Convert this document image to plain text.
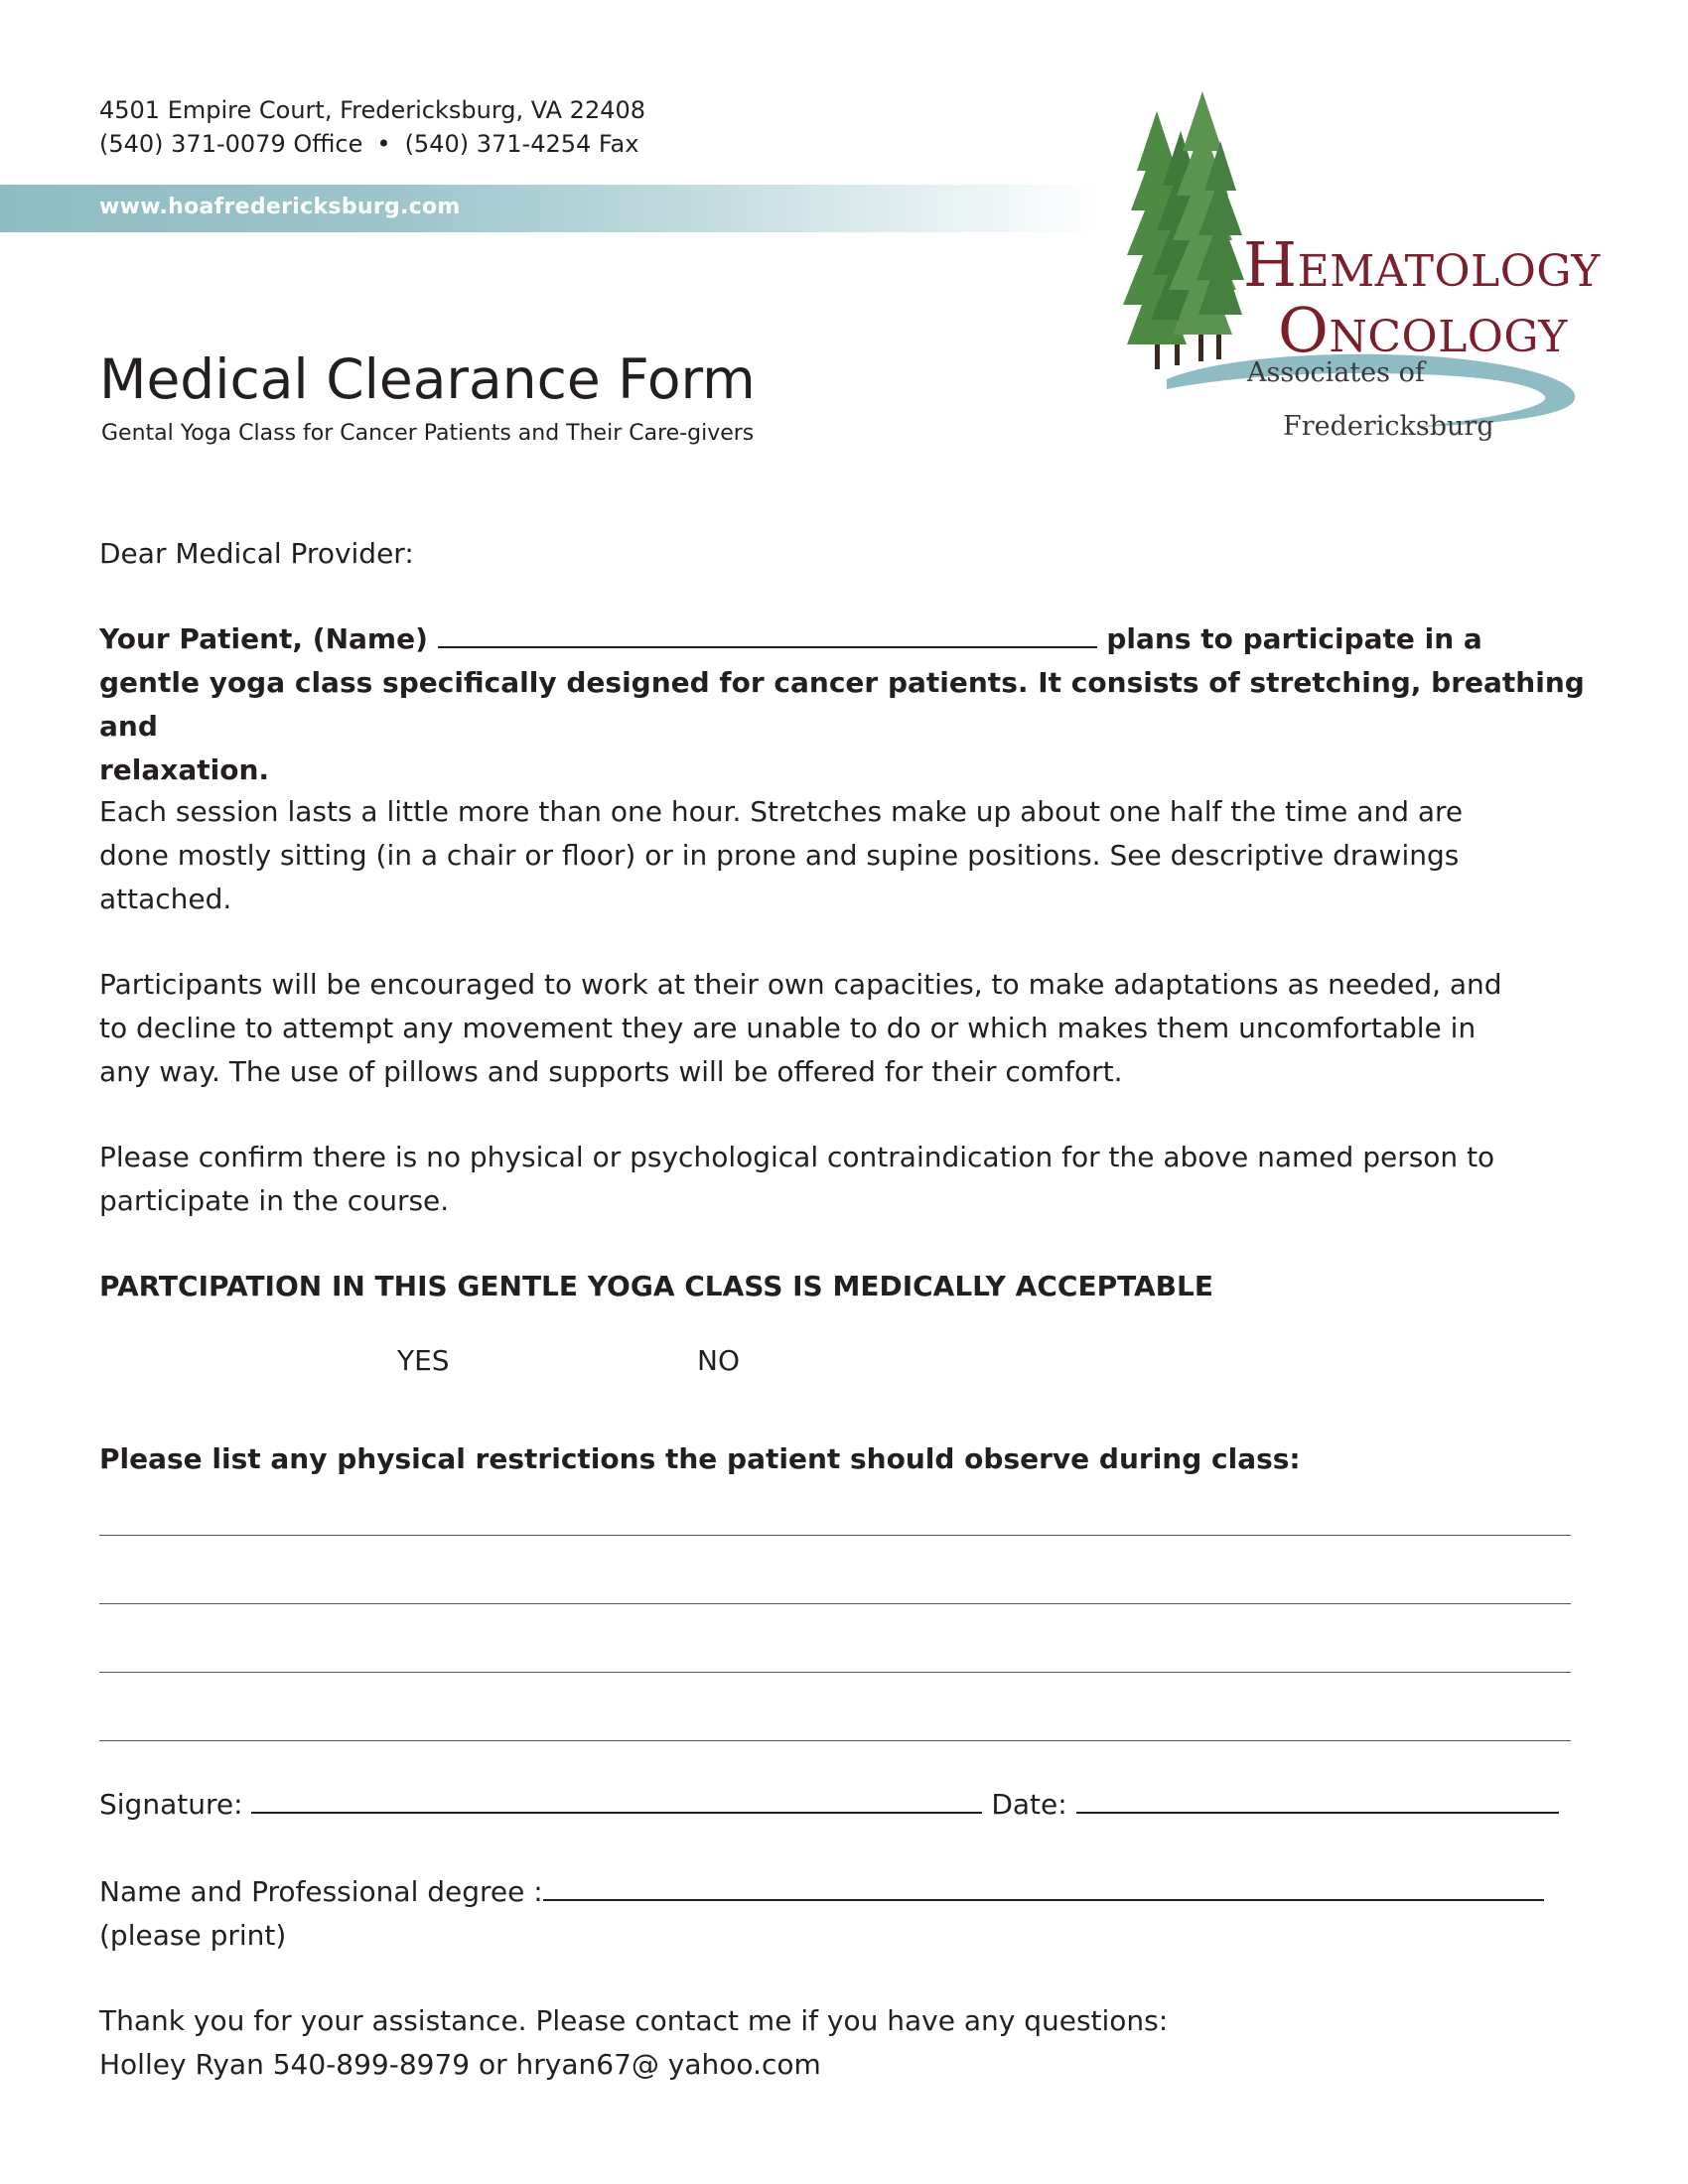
4501 Empire Court, Fredericksburg, VA 22408
(540) 371-0079 Office • (540) 371-4254 Fax
www.hoafredericksburg.com
HEMATOLOGY
ONCOLOGY
Associates of
Fredericksburg
Medical Clearance Form
Gental Yoga Class for Cancer Patients and Their Care-givers
Dear Medical Provider:
Your Patient, (Name)	plans to participate in a
gentle yoga class specifically designed for cancer patients. It consists of stretching, breathing and
relaxation.
Each session lasts a little more than one hour. Stretches make up about one half the time and are
done mostly sitting (in a chair or floor) or in prone and supine positions. See descriptive drawings
attached.
Participants will be encouraged to work at their own capacities, to make adaptations as needed, and
to decline to attempt any movement they are unable to do or which makes them uncomfortable in
any way. The use of pillows and supports will be offered for their comfort.
Please confirm there is no physical or psychological contraindication for the above named person to
participate in the course.
PARTCIPATION IN THIS GENTLE YOGA CLASS IS MEDICALLY ACCEPTABLE
YES	NO
Please list any physical restrictions the patient should observe during class:
Signature:	Date:
Name and Professional degree :
(please print)
Thank you for your assistance. Please contact me if you have any questions:
Holley Ryan 540-899-8979 or hryan67@ yahoo.com
